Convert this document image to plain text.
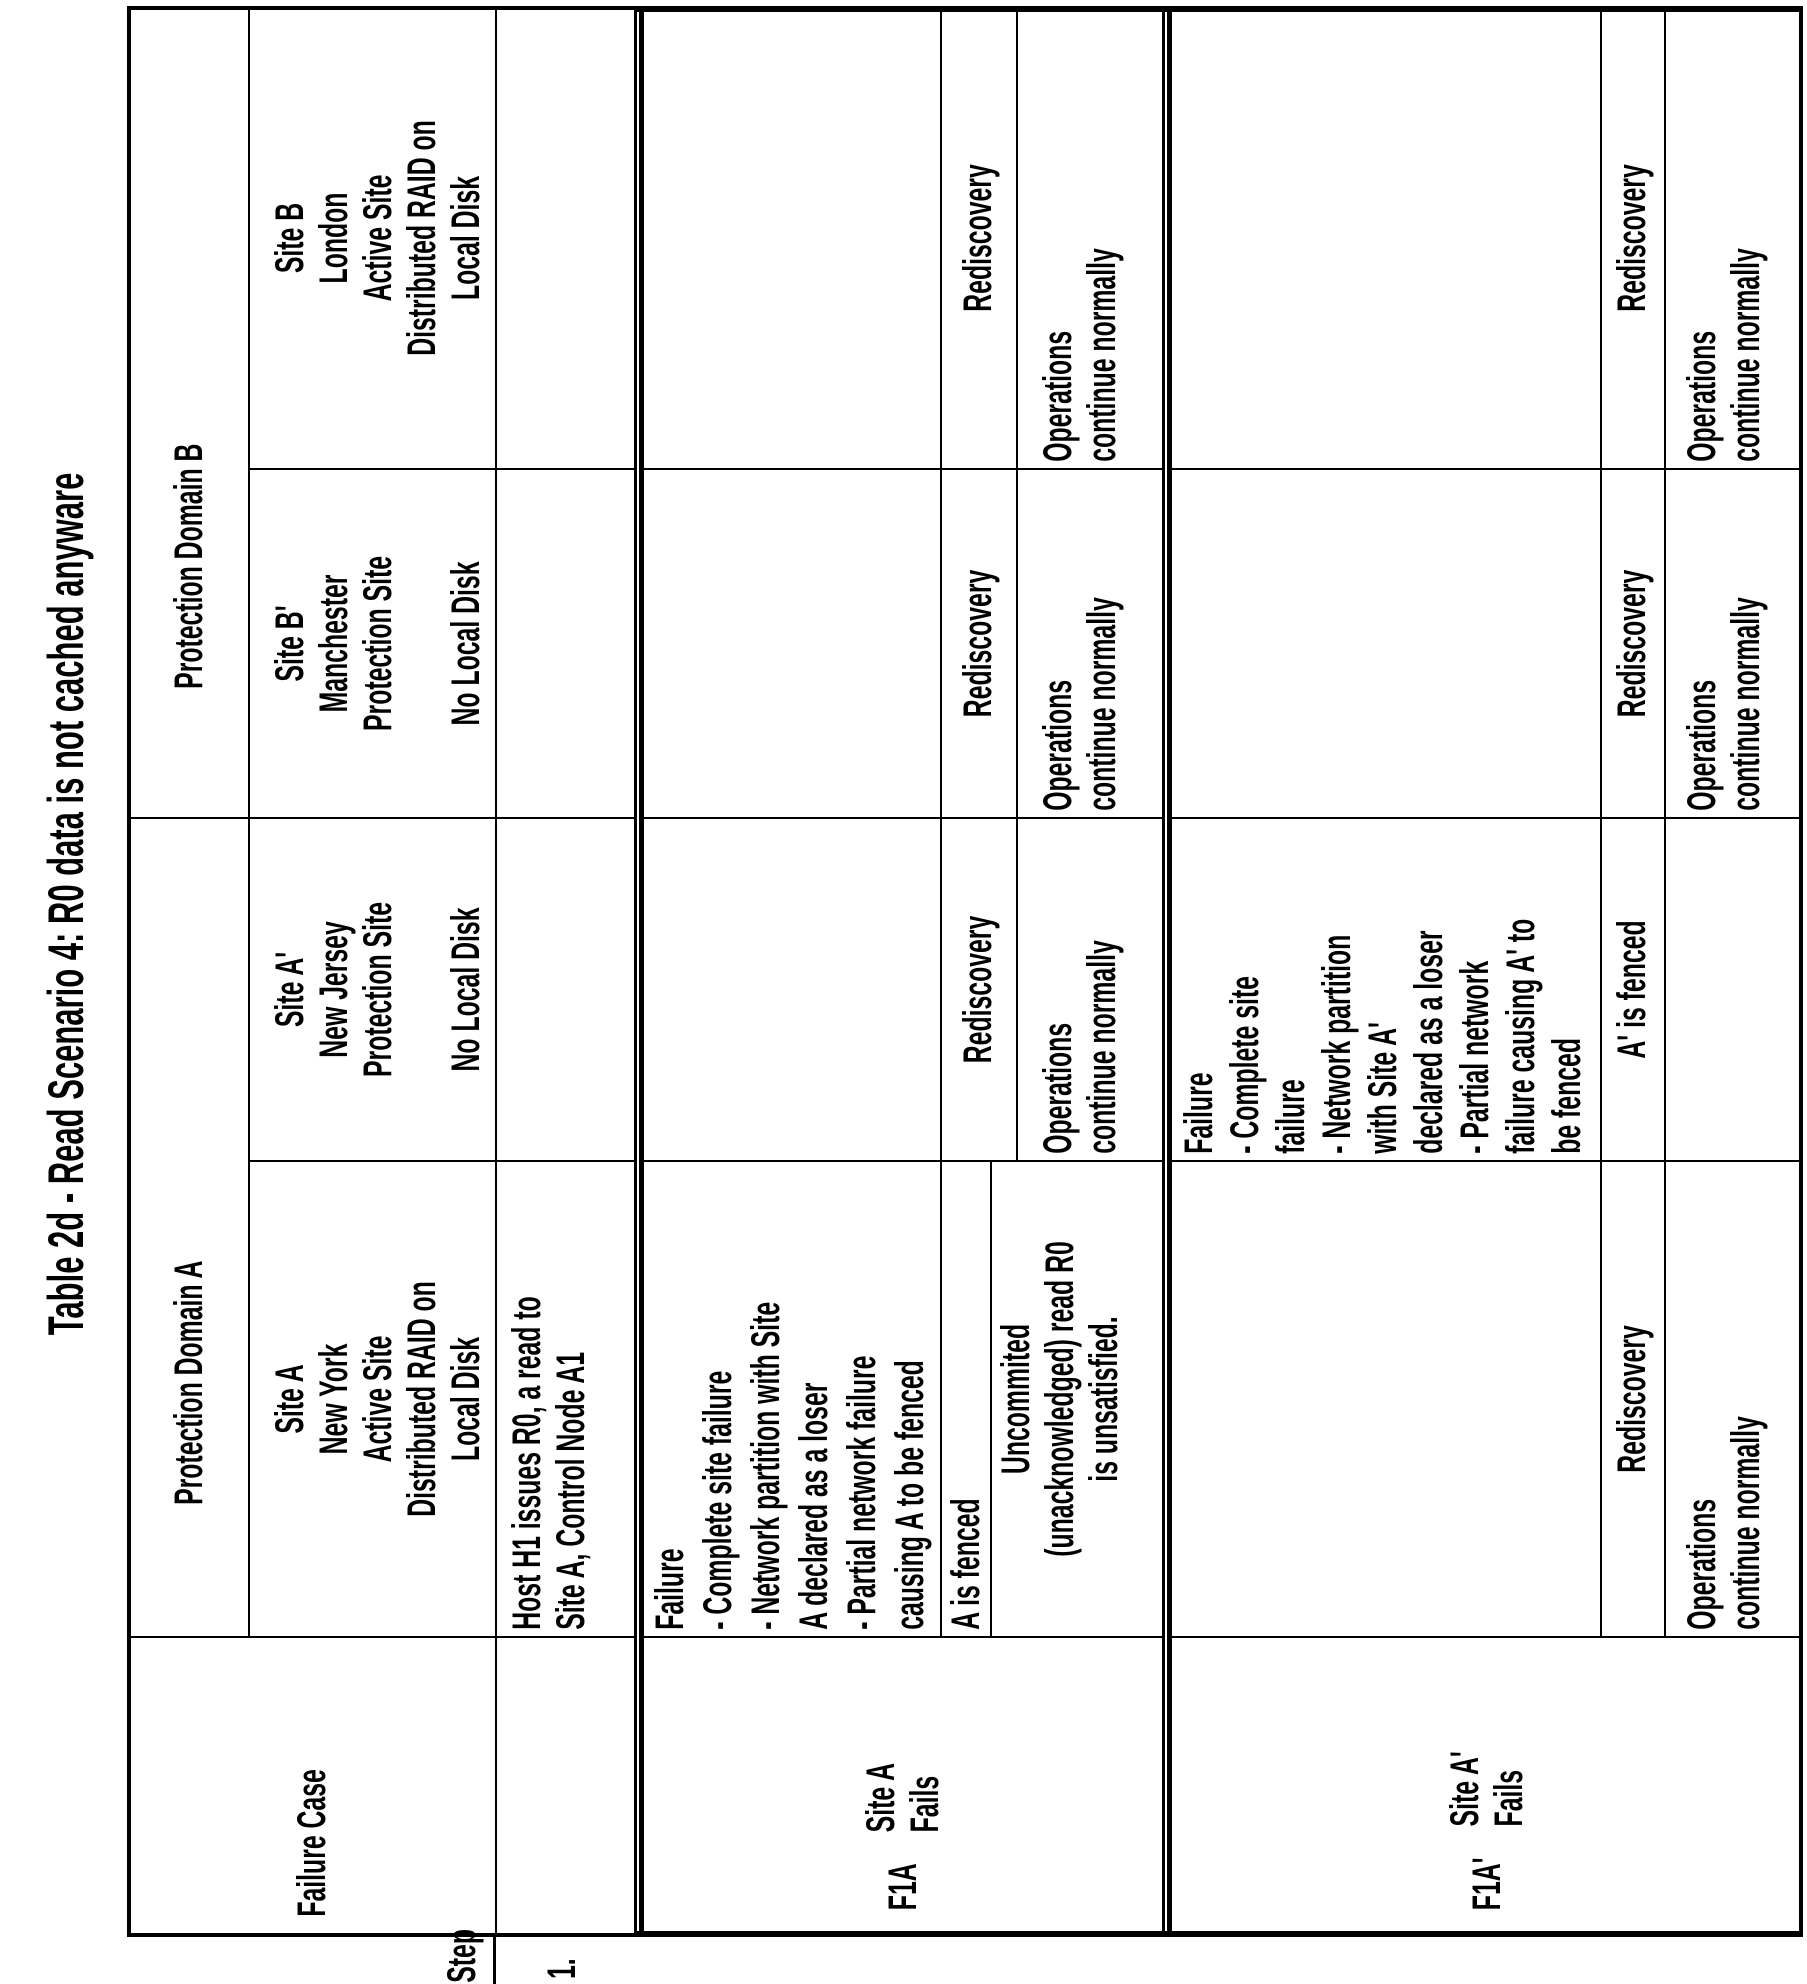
Table 2d - Read Scenario 4: R0 data is not cached anyware
Step 1.
Failure Case
Protection Domain A
Protection Domain B
Site A New York Active Site Distributed RAID on Local Disk
Site A' New Jersey Protection Site No Local Disk
Site B' Manchester Protection Site No Local Disk
Site B London Active Site Distributed RAID on Local Disk
Host H1 issues R0, a read to Site A, Control Node A1
F1A
Site A Fails
Failure - Complete site failure - Network partition with Site A declared as a loser - Partial network failure causing A to be fenced A is fenced
Uncommited (unacknowledged) read R0 is unsatisfied.
Rediscovery
Operations continue normally
Rediscovery
Operations continue normally
Rediscovery
Operations continue normally
F1A'
Site A' Fails
Rediscovery
Operations continue normally
Failure - Complete site failure - Network partition with Site A' declared as a loser - Partial network failure causing A' to be fenced
A' is fenced
Rediscovery
Operations continue normally
Rediscovery
Operations continue normally
